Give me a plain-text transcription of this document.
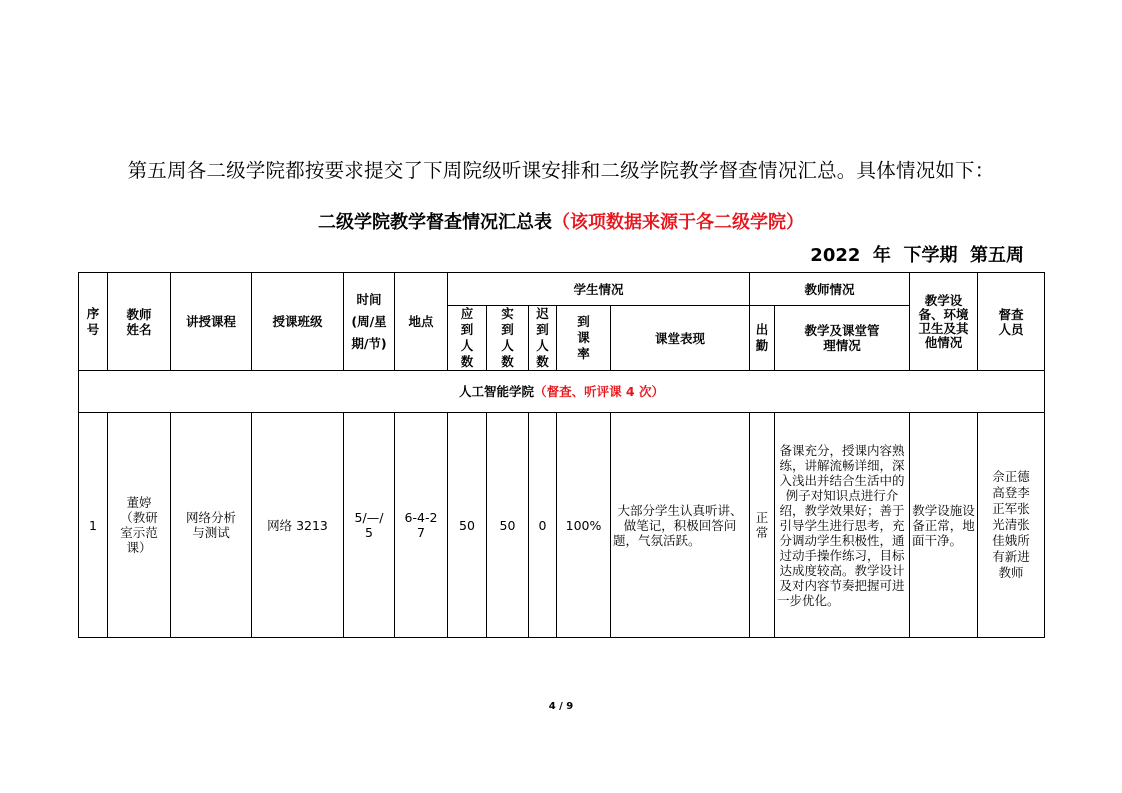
第五周各二级学院都按要求提交了下周院级听课安排和二级学院教学督查情况汇总。具体情况如下：
二级学院教学督查情况汇总表（该项数据来源于各二级学院）
2022  年  下学期  第五周
序号	教师姓名	讲授课程	授课班级	时间(周/星期/节)	地点	学生情况					教师情况		教学设备、环境卫生及其他情况	督查人员

						应到人数	实到人数	迟到人数	到课率	课堂表现	出勤	教学及课堂管理情况		

人工智能学院（督查、听评课 4 次）														
1	董婷（教研室示范课）	网络分析与测试	网络 3213	5/—/5	6-4-27	50	50	0	100%	大部分学生认真听讲、做笔记，积极回答问题，气氛活跃。	正常	备课充分，授课内容熟练，讲解流畅详细，深入浅出并结合生活中的例子对知识点进行介绍，教学效果好；善于引导学生进行思考，充分调动学生积极性，通过动手操作练习，目标达成度较高。教学设计及对内容节奏把握可进一步优化。	教学设施设备正常，地面干净。	佘正德高登李正军张光清张佳娥所有新进教师
4 / 9
